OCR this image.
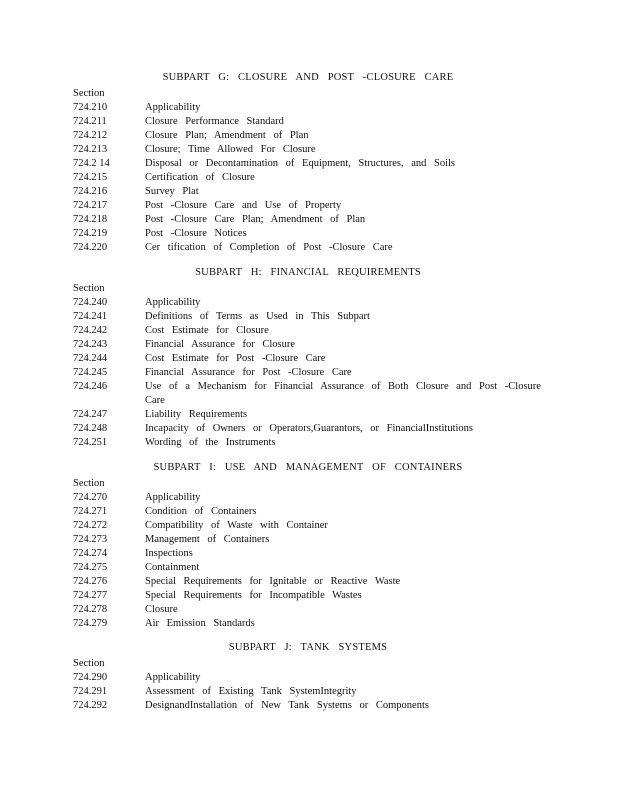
SUBPART G: CLOSURE AND POST -CLOSURE CARE
Section
724.210	Applicability
724.211	Closure Performance Standard
724.212	Closure Plan; Amendment of Plan
724.213	Closure; Time Allowed For Closure
724.2 14	Disposal or Decontamination of Equipment, Structures, and Soils
724.215	Certification of Closure
724.216	Survey Plat
724.217	Post -Closure Care and Use of Property
724.218	Post -Closure Care Plan; Amendment of Plan
724.219	Post -Closure Notices
724.220	Cer tification of Completion of Post -Closure Care
SUBPART H: FINANCIAL REQUIREMENTS
Section
724.240	Applicability
724.241	Definitions of Terms as Used in This Subpart
724.242	Cost Estimate for Closure
724.243	Financial Assurance for Closure
724.244	Cost Estimate for Post -Closure Care
724.245	Financial Assurance for Post -Closure Care
724.246	Use of a Mechanism for Financial Assurance of Both Closure and Post -Closure Care
724.247	Liability Requirements
724.248	Incapacity of Owners or Operators,Guarantors, or FinancialInstitutions
724.251	Wording of the Instruments
SUBPART I: USE AND MANAGEMENT OF CONTAINERS
Section
724.270	Applicability
724.271	Condition of Containers
724.272	Compatibility of Waste with Container
724.273	Management of Containers
724.274	Inspections
724.275	Containment
724.276	Special Requirements for Ignitable or Reactive Waste
724.277	Special Requirements for Incompatible Wastes
724.278	Closure
724.279	Air Emission Standards
SUBPART J: TANK SYSTEMS
Section
724.290	Applicability
724.291	Assessment of Existing Tank SystemIntegrity
724.292	DesignandInstallation of New Tank Systems or Components
